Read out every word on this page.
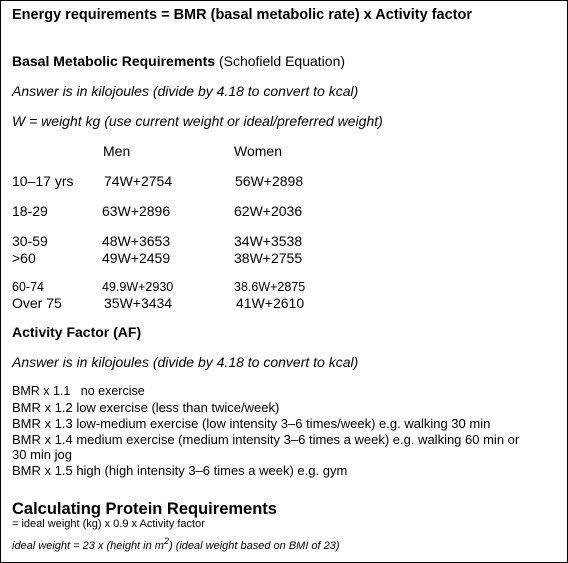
Energy requirements = BMR (basal metabolic rate) x Activity factor
Basal Metabolic Requirements (Schofield Equation)
Answer is in kilojoules (divide by 4.18 to convert to kcal)
W = weight kg (use current weight or ideal/preferred weight)
Men	Women
10–17 yrs 74W+2754	56W+2898
18-29	63W+2896	62W+2036
30-59	48W+3653	34W+3538
>60	49W+2459	38W+2755
60-74	49.9W+2930	38.6W+2875
Over 75	35W+3434	41W+2610
Activity Factor (AF)
Answer is in kilojoules (divide by 4.18 to convert to kcal)
BMR x 1.1 no exercise
BMR x 1.2 low exercise (less than twice/week)
BMR x 1.3 low-medium exercise (low intensity 3–6 times/week) e.g. walking 30 min
BMR x 1.4 medium exercise (medium intensity 3–6 times a week) e.g. walking 60 min or
30 min jog
BMR x 1.5 high (high intensity 3–6 times a week) e.g. gym
Calculating Protein Requirements
= ideal weight (kg) x 0.9 x Activity factor
ideal weight = 23 x (height in $m^2$) (ideal weight based on BMI of 23)
